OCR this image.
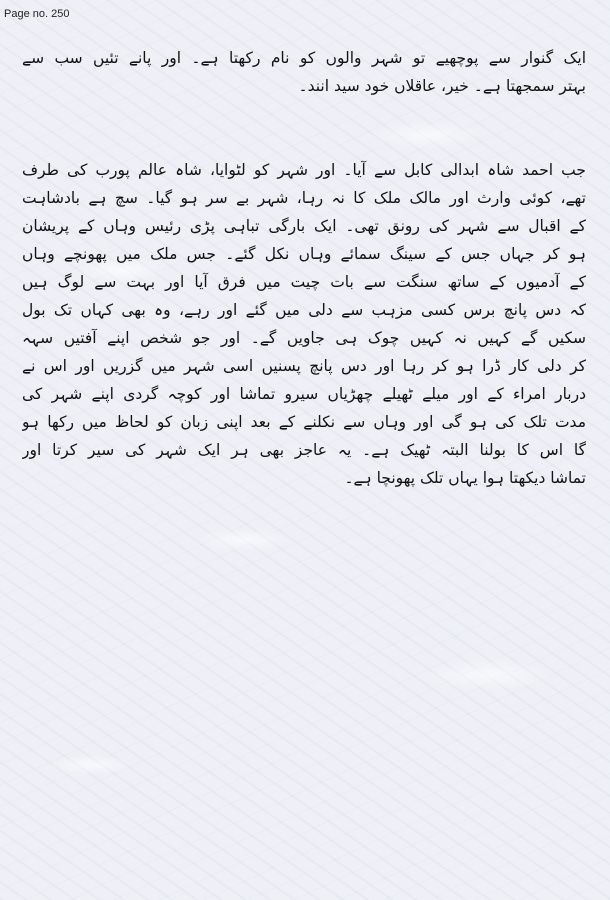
Page no. 250
ایک گنوار سے پوچھیے تو شہر والوں کو نام رکھتا ہے۔ اور پانے تئیں سب سے
بہتر سمجھتا ہے۔ خیر، عاقلاں خود سید انند۔
جب احمد شاہ ابدالی کابل سے آیا۔ اور شہر کو لٹوایا، شاہ عالم پورب کی طرف
تھے، کوئی وارث اور مالک ملک کا نہ رہا، شہر بے سر ہو گیا۔ سچ ہے بادشاہت
کے اقبال سے شہر کی رونق تھی۔ ایک بارگی تباہی پڑی رئیس وہاں کے پریشان
ہو کر جہاں جس کے سینگ سمائے وہاں نکل گئے۔ جس ملک میں پھونچے وہاں
کے آدمیوں کے ساتھ سنگت سے بات چیت میں فرق آیا اور بہت سے لوگ ہیں
کہ دس پانچ برس کسی مزہب سے دلی میں گئے اور رہے، وہ بھی کہاں تک بول
سکیں گے کہیں نہ کہیں چوک ہی جاویں گے۔ اور جو شخص اپنے آفتیں سہہ
کر دلی کار ڈرا ہو کر رہا اور دس پانچ پسنیں اسی شہر میں گزریں اور اس نے
دربار امراء کے اور میلے ٹھیلے چھڑیاں سیرو تماشا اور کوچہ گردی اپنے شہر کی
مدت تلک کی ہو گی اور وہاں سے نکلنے کے بعد اپنی زبان کو لحاظ میں رکھا ہو
گا اس کا بولنا البتہ ٹھیک ہے۔ یہ عاجز بھی ہر ایک شہر کی سیر کرتا اور
تماشا دیکھتا ہوا یہاں تلک پھونچا ہے۔
